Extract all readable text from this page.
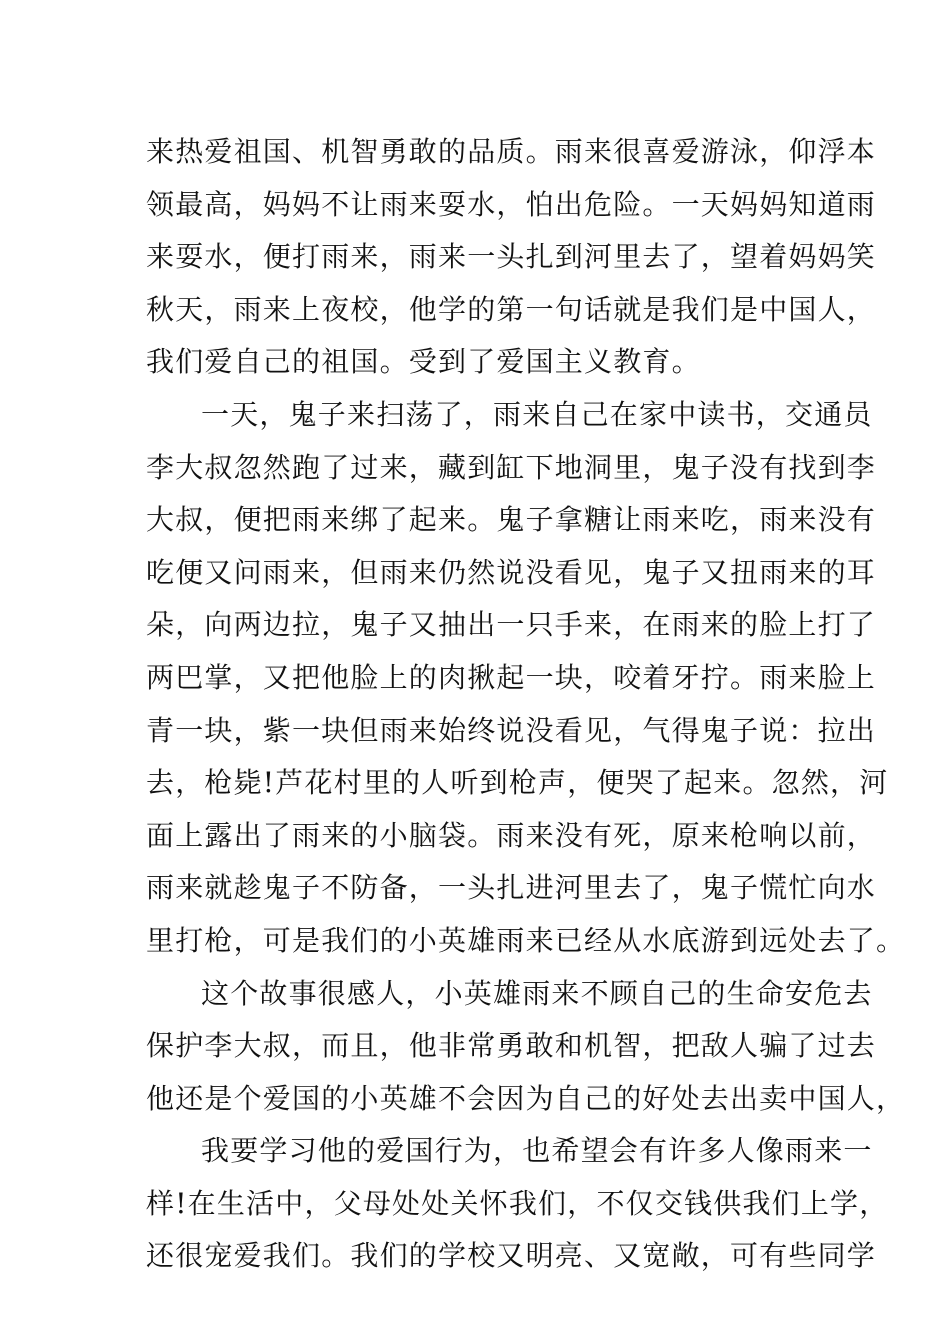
来热爱祖国、机智勇敢的品质。雨来很喜爱游泳，仰浮本
领最高，妈妈不让雨来耍水，怕出危险。一天妈妈知道雨
来耍水，便打雨来，雨来一头扎到河里去了，望着妈妈笑
秋天，雨来上夜校，他学的第一句话就是我们是中国人，
我们爱自己的祖国。受到了爱国主义教育。
一天，鬼子来扫荡了，雨来自己在家中读书，交通员
李大叔忽然跑了过来，藏到缸下地洞里，鬼子没有找到李
大叔，便把雨来绑了起来。鬼子拿糖让雨来吃，雨来没有
吃便又问雨来，但雨来仍然说没看见，鬼子又扭雨来的耳
朵，向两边拉，鬼子又抽出一只手来，在雨来的脸上打了
两巴掌，又把他脸上的肉揪起一块，咬着牙拧。雨来脸上
青一块，紫一块但雨来始终说没看见，气得鬼子说：拉出
去，枪毙!芦花村里的人听到枪声，便哭了起来。忽然，河
面上露出了雨来的小脑袋。雨来没有死，原来枪响以前，
雨来就趁鬼子不防备，一头扎进河里去了，鬼子慌忙向水
里打枪，可是我们的小英雄雨来已经从水底游到远处去了。
这个故事很感人，小英雄雨来不顾自己的生命安危去
保护李大叔，而且，他非常勇敢和机智，把敌人骗了过去
他还是个爱国的小英雄不会因为自己的好处去出卖中国人，
我要学习他的爱国行为，也希望会有许多人像雨来一
样!在生活中，父母处处关怀我们，不仅交钱供我们上学，
还很宠爱我们。我们的学校又明亮、又宽敞，可有些同学
